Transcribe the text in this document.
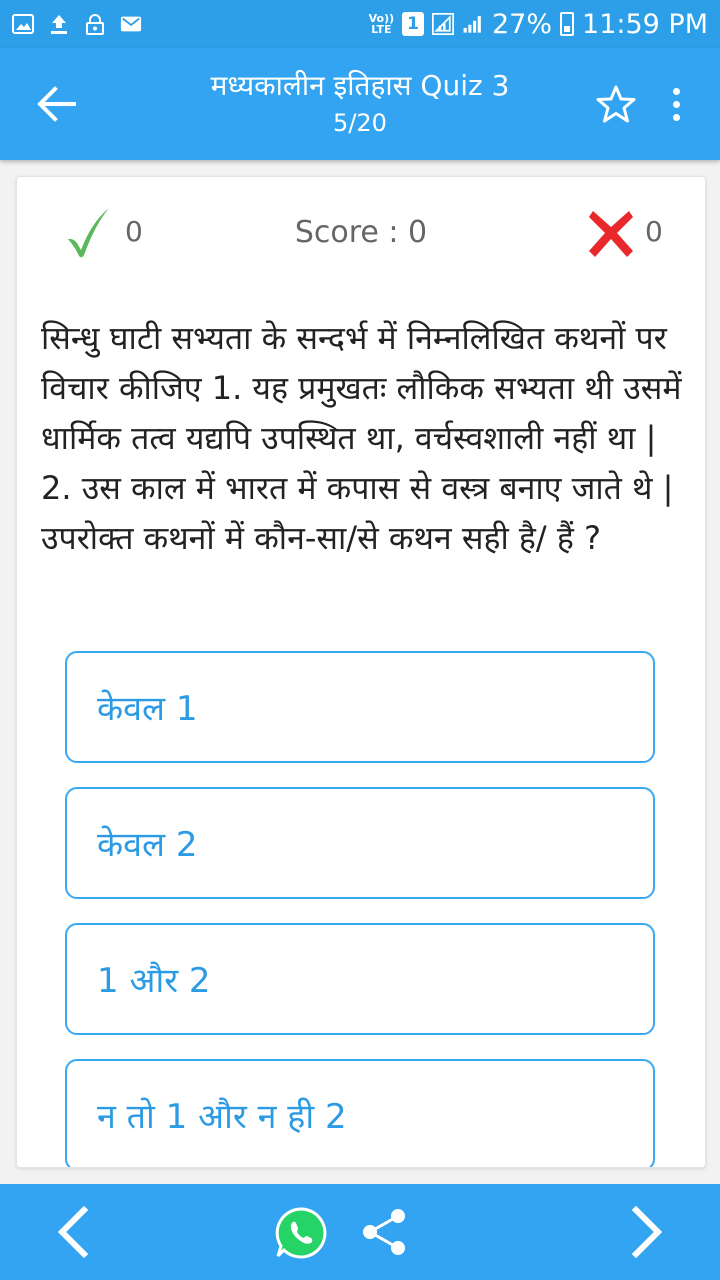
Vo))
LTE 1	27% 11:59 PM
मध्यकालीन इतिहास Quiz 3
5/20
0	Score : 0	0
सिन्धु घाटी सभ्यता के सन्दर्भ में निम्नलिखित कथनों पर विचार कीजिए 1. यह प्रमुखतः लौकिक सभ्यता थी उसमें धार्मिक तत्व यद्यपि उपस्थित था, वर्चस्वशाली नहीं था | 2. उस काल में भारत में कपास से वस्त्र बनाए जाते थे | उपरोक्त कथनों में कौन-सा/से कथन सही है/ हैं ?
केवल 1
केवल 2
1 और 2
न तो 1 और न ही 2
